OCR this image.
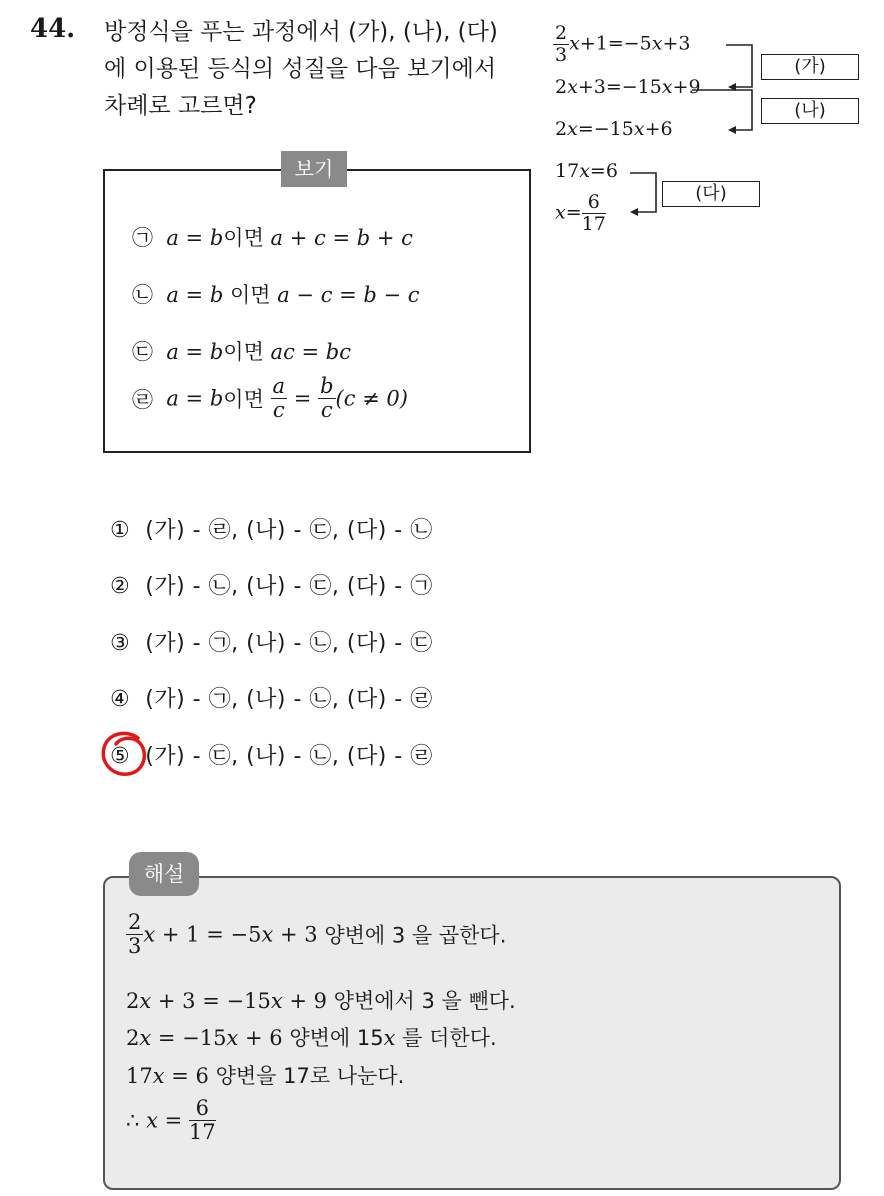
44. 방정식을 푸는 과정에서 (가), (나), (다)
에 이용된 등식의 성질을 다음 보기에서
차례로 고르면?
$\frac{2}{3} x+1=-5x+3$
2x+3=−15x+9
2x=−15x+6
17x=6
$x= \frac{6}{17}$
(가)
(나)
(다)
보기
㉠ a = b이면 a + c = b + c
㉡ a = b 이면 a − c = b − c
㉢ a = b이면 ac = bc
㉣ a = b이면 $\frac{a}{c} = \frac{b}{c} (c \ne 0)$
① (가) - ㉣, (나) - ㉢, (다) - ㉡
② (가) - ㉡, (나) - ㉢, (다) - ㉠
③ (가) - ㉠, (나) - ㉡, (다) - ㉢
④ (가) - ㉠, (나) - ㉡, (다) - ㉣
⑤ (가) - ㉢, (나) - ㉡, (다) - ㉣
해설
$\frac{2}{3}$ x + 1 = −5x + 3 양변에 3 을 곱한다.
2x + 3 = −15x + 9 양변에서 3 을 뺀다.
2x = −15x + 6 양변에 15x 를 더한다.
17x = 6 양변을 17로 나눈다.
∴ $x = \frac{6}{17}$
